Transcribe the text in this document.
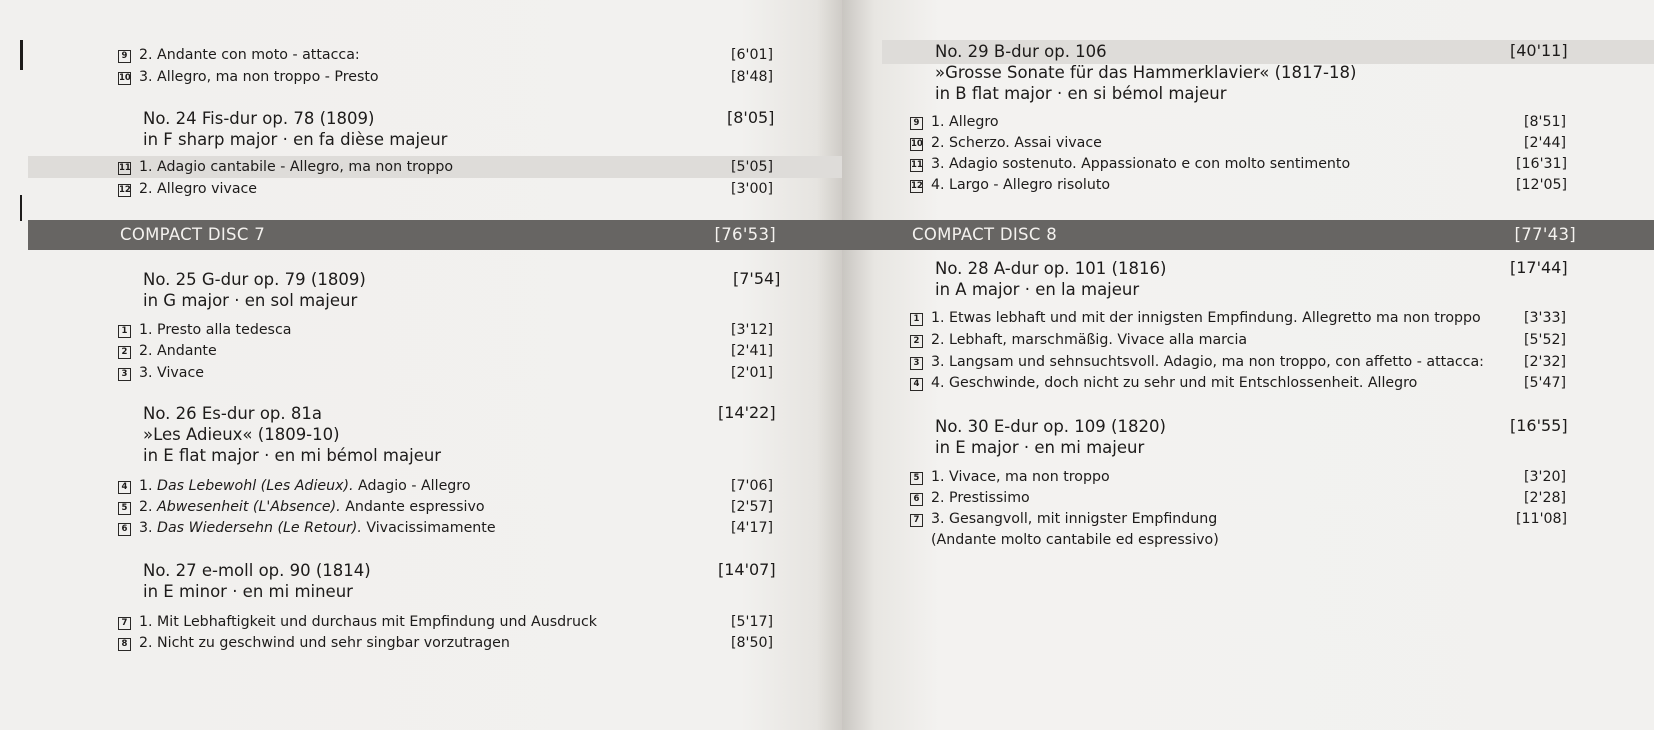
9 2. Andante con moto - attacca:	[6'01]
10 3. Allegro, ma non troppo - Presto	[8'48]
No. 24 Fis-dur op. 78 (1809)	[8'05]
in F sharp major · en fa dièse majeur
11 1. Adagio cantabile - Allegro, ma non troppo	[5'05]
12 2. Allegro vivace	[3'00]
COMPACT DISC 7	[76'53]
No. 25 G-dur op. 79 (1809)	[7'54]
in G major · en sol majeur
1 1. Presto alla tedesca	[3'12]
2 2. Andante	[2'41]
3 3. Vivace	[2'01]
No. 26 Es-dur op. 81a	[14'22]
»Les Adieux« (1809-10)
in E flat major · en mi bémol majeur
4 1. Das Lebewohl (Les Adieux). Adagio - Allegro	[7'06]
5 2. Abwesenheit (L'Absence). Andante espressivo	[2'57]
6 3. Das Wiedersehn (Le Retour). Vivacissimamente	[4'17]
No. 27 e-moll op. 90 (1814)	[14'07]
in E minor · en mi mineur
7 1. Mit Lebhaftigkeit und durchaus mit Empfindung und Ausdruck	[5'17]
8 2. Nicht zu geschwind und sehr singbar vorzutragen	[8'50]
No. 29 B-dur op. 106	[40'11]
»Grosse Sonate für das Hammerklavier« (1817-18)
in B flat major · en si bémol majeur
9 1. Allegro	[8'51]
10 2. Scherzo. Assai vivace	[2'44]
11 3. Adagio sostenuto. Appassionato e con molto sentimento	[16'31]
12 4. Largo - Allegro risoluto	[12'05]
COMPACT DISC 8	[77'43]
No. 28 A-dur op. 101 (1816)	[17'44]
in A major · en la majeur
1 1. Etwas lebhaft und mit der innigsten Empfindung. Allegretto ma non troppo	[3'33]
2 2. Lebhaft, marschmäßig. Vivace alla marcia	[5'52]
3 3. Langsam und sehnsuchtsvoll. Adagio, ma non troppo, con affetto - attacca:	[2'32]
4 4. Geschwinde, doch nicht zu sehr und mit Entschlossenheit. Allegro	[5'47]
No. 30 E-dur op. 109 (1820)	[16'55]
in E major · en mi majeur
5 1. Vivace, ma non troppo	[3'20]
6 2. Prestissimo	[2'28]
7 3. Gesangvoll, mit innigster Empfindung	[11'08]
(Andante molto cantabile ed espressivo)
